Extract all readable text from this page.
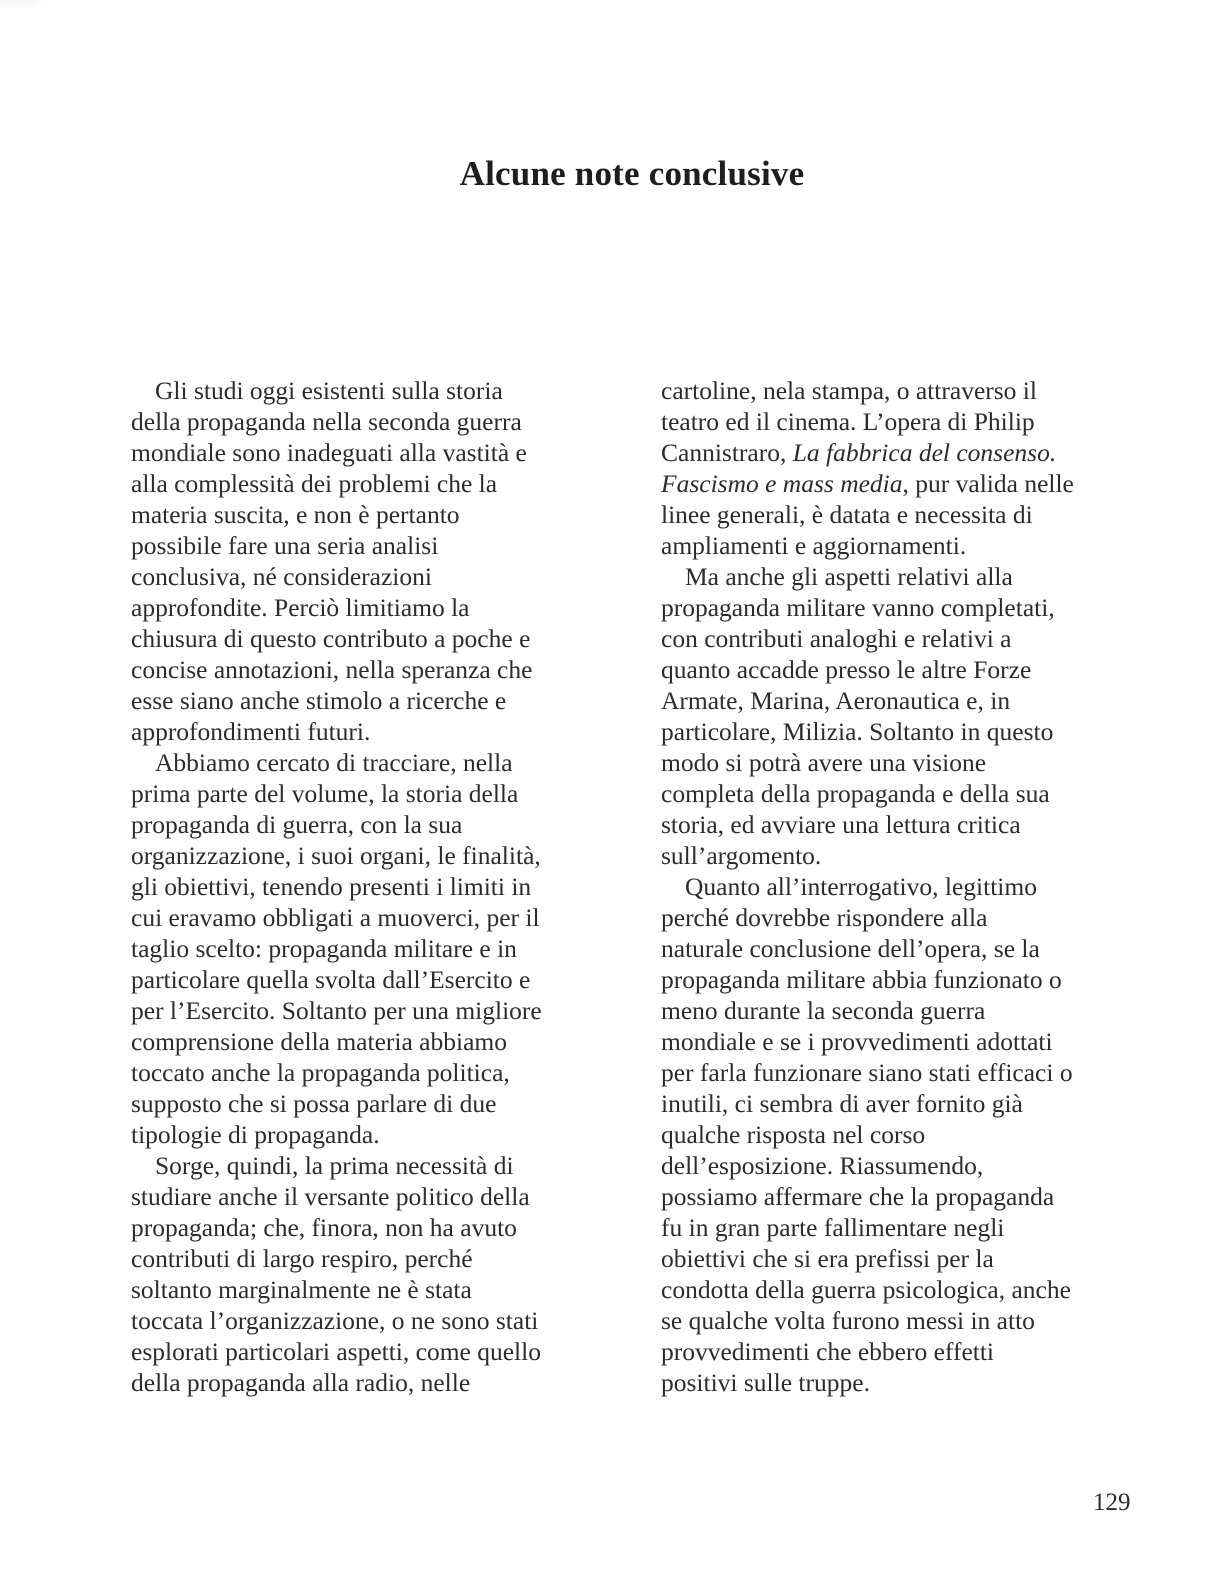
Alcune note conclusive
Gli studi oggi esistenti sulla storia
della propaganda nella seconda guerra
mondiale sono inadeguati alla vastità e
alla complessità dei problemi che la
materia suscita, e non è pertanto
possibile fare una seria analisi
conclusiva, né considerazioni
approfondite. Perciò limitiamo la
chiusura di questo contributo a poche e
concise annotazioni, nella speranza che
esse siano anche stimolo a ricerche e
approfondimenti futuri.
Abbiamo cercato di tracciare, nella
prima parte del volume, la storia della
propaganda di guerra, con la sua
organizzazione, i suoi organi, le finalità,
gli obiettivi, tenendo presenti i limiti in
cui eravamo obbligati a muoverci, per il
taglio scelto: propaganda militare e in
particolare quella svolta dall’Esercito e
per l’Esercito. Soltanto per una migliore
comprensione della materia abbiamo
toccato anche la propaganda politica,
supposto che si possa parlare di due
tipologie di propaganda.
Sorge, quindi, la prima necessità di
studiare anche il versante politico della
propaganda; che, finora, non ha avuto
contributi di largo respiro, perché
soltanto marginalmente ne è stata
toccata l’organizzazione, o ne sono stati
esplorati particolari aspetti, come quello
della propaganda alla radio, nelle
cartoline, nela stampa, o attraverso il
teatro ed il cinema. L’opera di Philip
Cannistraro, La fabbrica del consenso.
Fascismo e mass media, pur valida nelle
linee generali, è datata e necessita di
ampliamenti e aggiornamenti.
Ma anche gli aspetti relativi alla
propaganda militare vanno completati,
con contributi analoghi e relativi a
quanto accadde presso le altre Forze
Armate, Marina, Aeronautica e, in
particolare, Milizia. Soltanto in questo
modo si potrà avere una visione
completa della propaganda e della sua
storia, ed avviare una lettura critica
sull’argomento.
Quanto all’interrogativo, legittimo
perché dovrebbe rispondere alla
naturale conclusione dell’opera, se la
propaganda militare abbia funzionato o
meno durante la seconda guerra
mondiale e se i provvedimenti adottati
per farla funzionare siano stati efficaci o
inutili, ci sembra di aver fornito già
qualche risposta nel corso
dell’esposizione. Riassumendo,
possiamo affermare che la propaganda
fu in gran parte fallimentare negli
obiettivi che si era prefissi per la
condotta della guerra psicologica, anche
se qualche volta furono messi in atto
provvedimenti che ebbero effetti
positivi sulle truppe.
129
